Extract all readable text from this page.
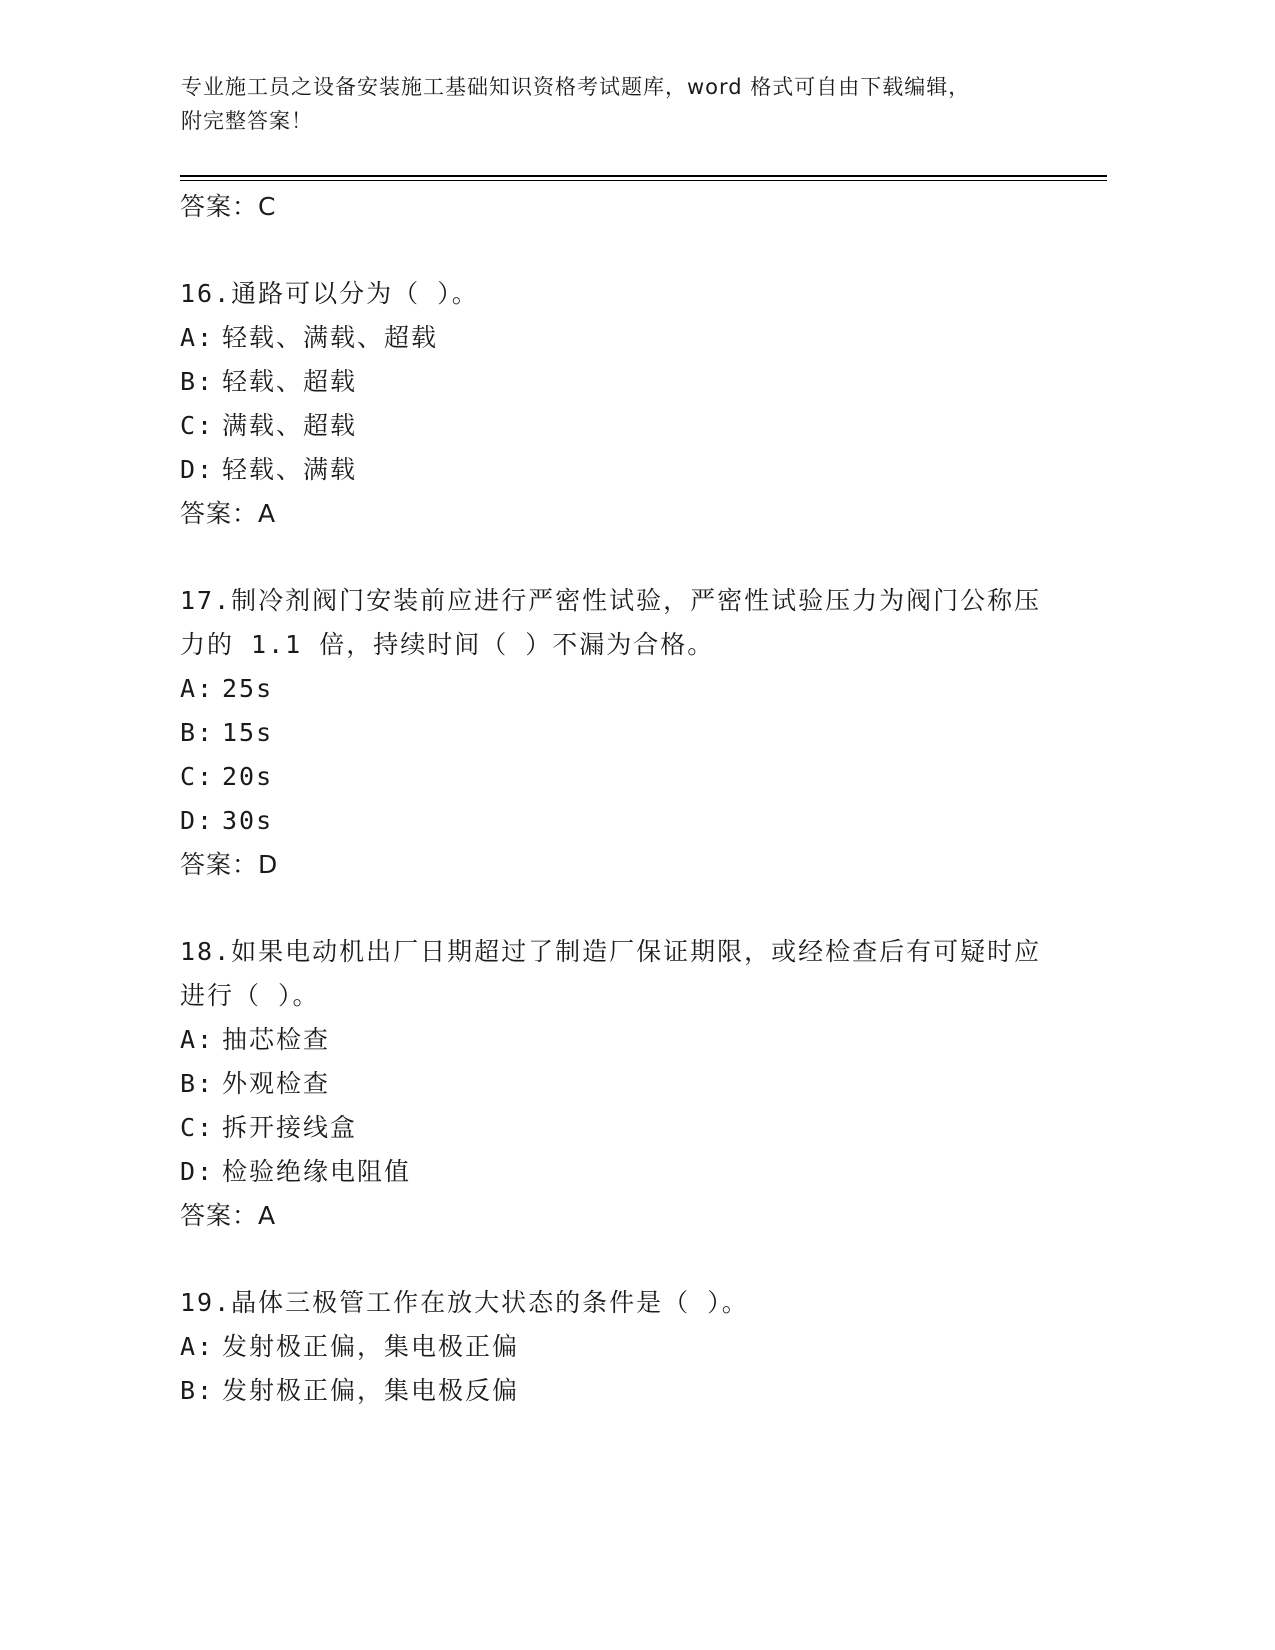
专业施工员之设备安装施工基础知识资格考试题库，word 格式可自由下载编辑，
附完整答案！
答案：C
16.通路可以分为（ ）。
A: 轻载、满载、超载
B: 轻载、超载
C: 满载、超载
D: 轻载、满载
答案：A
17.制冷剂阀门安装前应进行严密性试验，严密性试验压力为阀门公称压力的 1.1 倍，持续时间（ ）不漏为合格。
A: 25s
B: 15s
C: 20s
D: 30s
答案：D
18.如果电动机出厂日期超过了制造厂保证期限，或经检查后有可疑时应进行（ ）。
A: 抽芯检查
B: 外观检查
C: 拆开接线盒
D: 检验绝缘电阻值
答案：A
19.晶体三极管工作在放大状态的条件是（ ）。
A: 发射极正偏，集电极正偏
B: 发射极正偏，集电极反偏
